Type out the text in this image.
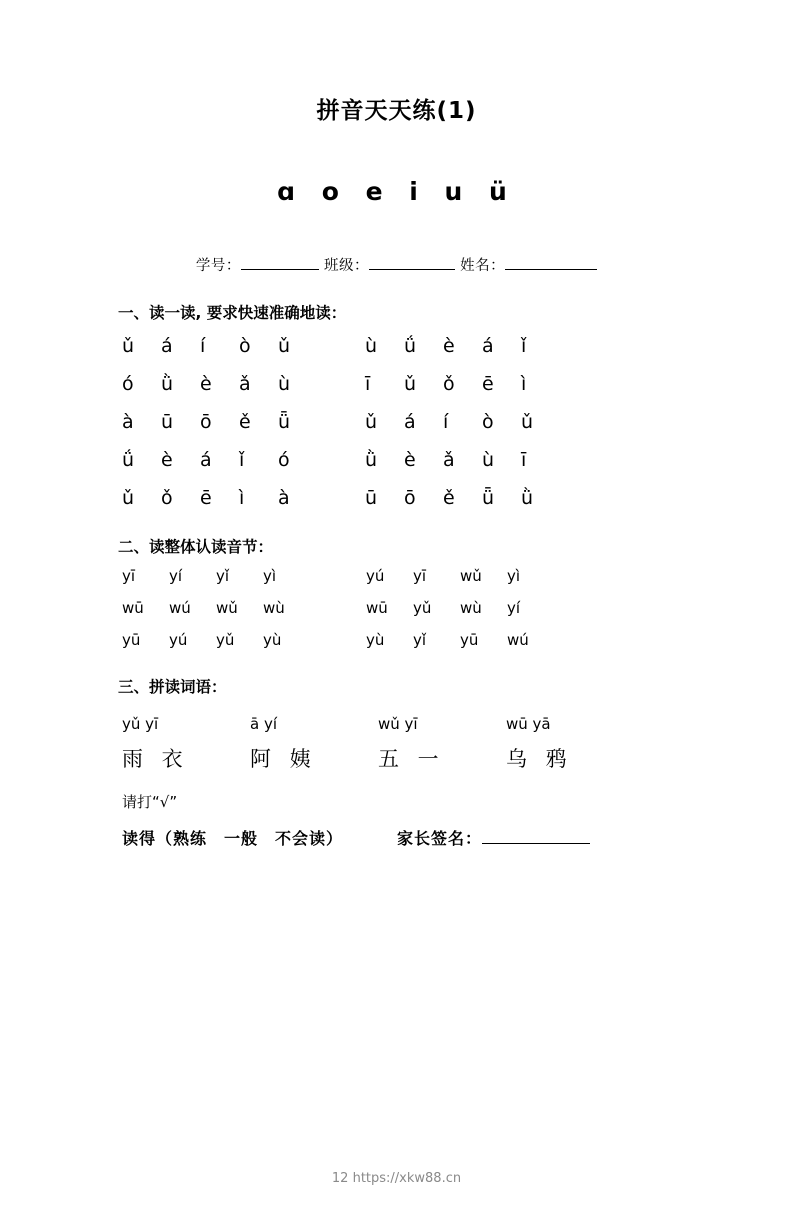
拼音天天练(1)
ɑ o e i u ü
学号：	班级：	姓名：
一、读一读, 要求快速准确地读：
ǔ	á	í	ò	ǔ	ù	ǘ	è	á	ǐ
ó	ǜ	è	ǎ	ù	ī	ǔ	ǒ	ē	ì
à	ū	ō	ě	ǖ	ǔ	á	í	ò	ǔ
ǘ	è	á	ǐ	ó	ǜ	è	ǎ	ù	ī
ǔ	ǒ	ē	ì	à	ū	ō	ě	ǖ	ǜ
二、读整体认读音节：
yī	yí	yǐ	yì	yú	yī	wǔ	yì
wū	wú	wǔ	wù	wū	yǔ	wù	yí
yū	yú	yǔ	yù	yù	yǐ	yū	wú
三、拼读词语：
yǔ yī	ā yí	wǔ yī	wū yā
雨 衣	阿 姨	五 一	乌 鸦
请打“√”
读得（熟练　一般　不会读）	家长签名：
12 https://xkw88.cn
